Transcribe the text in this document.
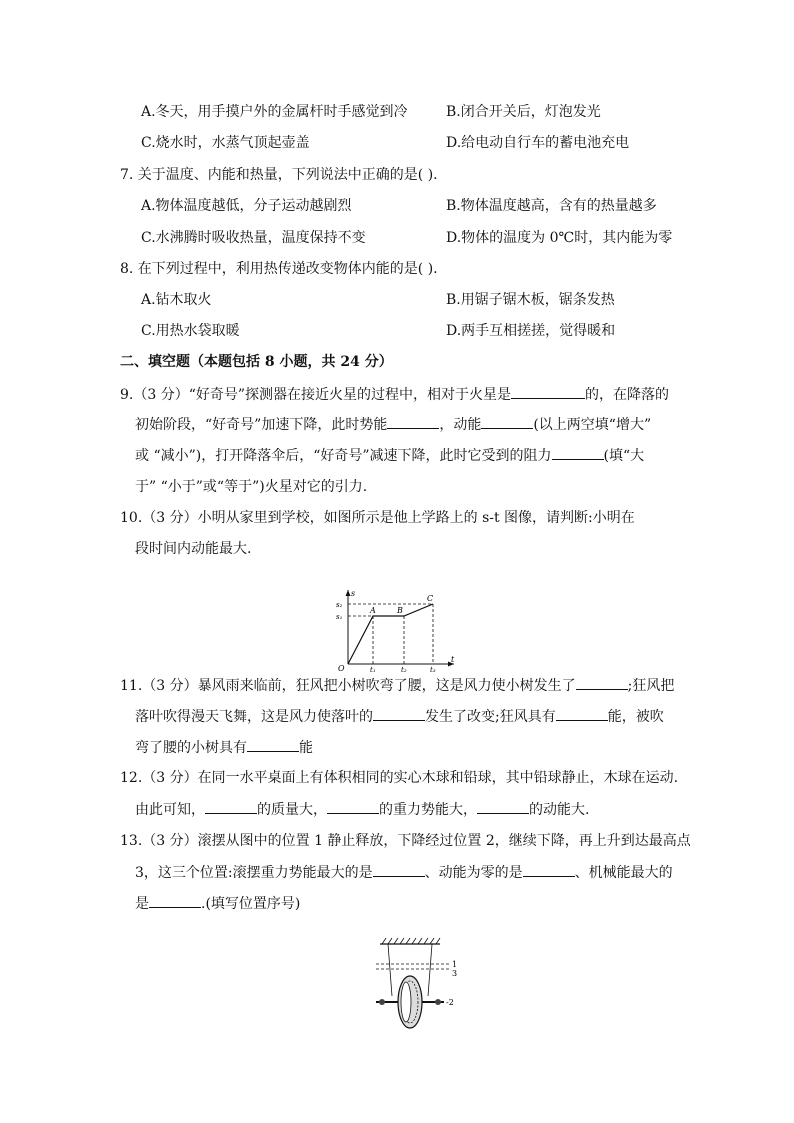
A.冬天，用手摸户外的金属杆时手感觉到冷	B.闭合开关后，灯泡发光
C.烧水时，水蒸气顶起壶盖	D.给电动自行车的蓄电池充电
7. 关于温度、内能和热量，下列说法中正确的是( ).
A.物体温度越低，分子运动越剧烈	B.物体温度越高，含有的热量越多
C.水沸腾时吸收热量，温度保持不变	D.物体的温度为 0℃时，其内能为零
8. 在下列过程中，利用热传递改变物体内能的是( ).
A.钻木取火	B.用锯子锯木板，锯条发热
C.用热水袋取暖	D.两手互相搓搓，觉得暖和
二、填空题（本题包括 8 小题，共 24 分）
9.（3 分）“好奇号”探测器在接近火星的过程中，相对于火星是	的，在降落的
初始阶段，“好奇号”加速下降，此时势能	，动能	(以上两空填“增大”
或 “减小”)，打开降落伞后，“好奇号”减速下降，此时它受到的阻力	(填“大
于” “小于”或“等于”)火星对它的引力.
10.（3 分）小明从家里到学校，如图所示是他上学路上的 s-t 图像，请判断:小明在
段时间内动能最大.
s
t
O
s₂
s₁
t₁	t₂	t₃
A	B
C
11.（3 分）暴风雨来临前，狂风把小树吹弯了腰，这是风力使小树发生了	;狂风把
落叶吹得漫天飞舞，这是风力使落叶的	发生了改变;狂风具有	能，被吹
弯了腰的小树具有	能
12.（3 分）在同一水平桌面上有体积相同的实心木球和铅球，其中铅球静止，木球在运动.
由此可知，	的质量大，	的重力势能大，	的动能大.
13.（3 分）滚摆从图中的位置 1 静止释放，下降经过位置 2，继续下降，再上升到达最高点
3，这三个位置:滚摆重力势能最大的是	、动能为零的是	、机械能最大的
是	.(填写位置序号)
1
3
-2
